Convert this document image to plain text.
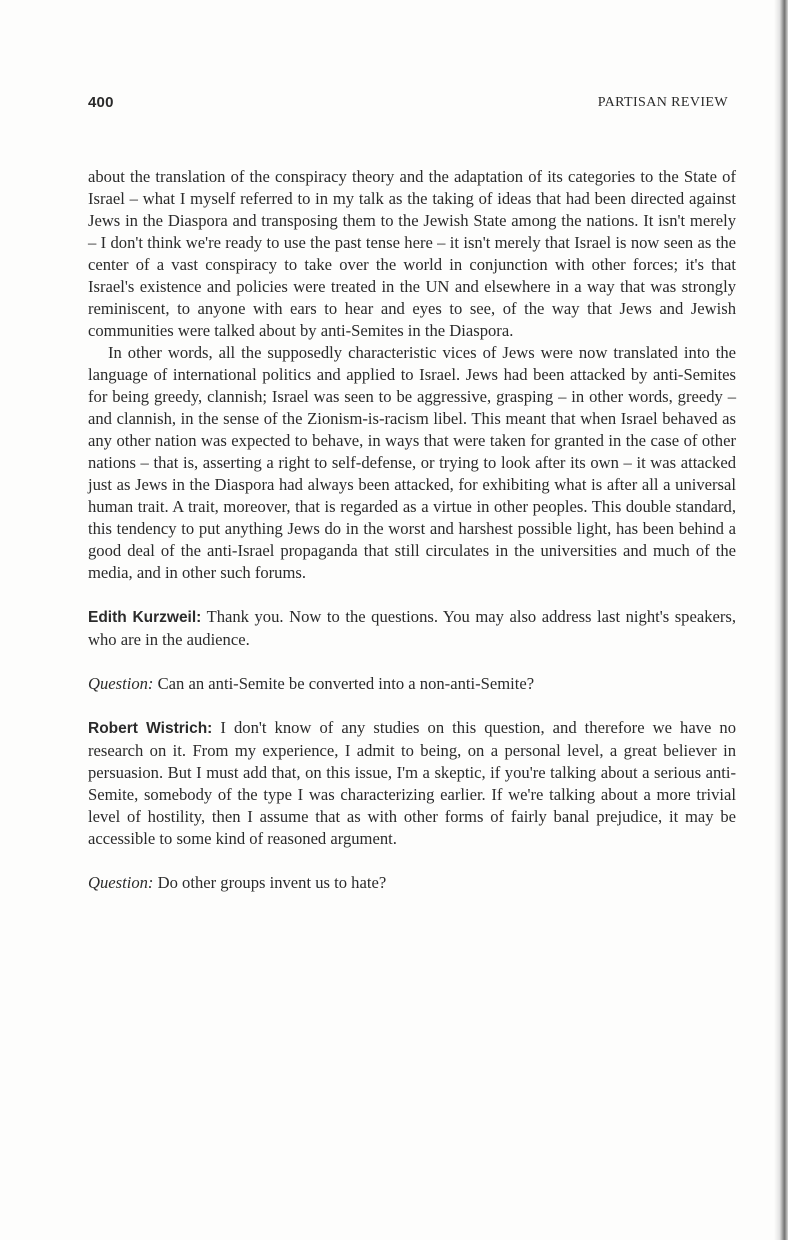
400	PARTISAN REVIEW

about the translation of the conspiracy theory and the adaptation of its categories to the State of Israel – what I myself referred to in my talk as the taking of ideas that had been directed against Jews in the Diaspora and transposing them to the Jewish State among the nations. It isn't merely – I don't think we're ready to use the past tense here – it isn't merely that Israel is now seen as the center of a vast conspiracy to take over the world in conjunction with other forces; it's that Israel's existence and policies were treated in the UN and elsewhere in a way that was strongly reminiscent, to anyone with ears to hear and eyes to see, of the way that Jews and Jewish communities were talked about by anti-Semites in the Diaspora.

In other words, all the supposedly characteristic vices of Jews were now translated into the language of international politics and applied to Israel. Jews had been attacked by anti-Semites for being greedy, clannish; Israel was seen to be aggressive, grasping – in other words, greedy – and clannish, in the sense of the Zionism-is-racism libel. This meant that when Israel behaved as any other nation was expected to behave, in ways that were taken for granted in the case of other nations – that is, asserting a right to self-defense, or trying to look after its own – it was attacked just as Jews in the Diaspora had always been attacked, for exhibiting what is after all a universal human trait. A trait, moreover, that is regarded as a virtue in other peoples. This double standard, this tendency to put anything Jews do in the worst and harshest possible light, has been behind a good deal of the anti-Israel propaganda that still circulates in the universities and much of the media, and in other such forums.

Edith Kurzweil: Thank you. Now to the questions. You may also address last night's speakers, who are in the audience.

Question: Can an anti-Semite be converted into a non-anti-Semite?

Robert Wistrich: I don't know of any studies on this question, and therefore we have no research on it. From my experience, I admit to being, on a personal level, a great believer in persuasion. But I must add that, on this issue, I'm a skeptic, if you're talking about a serious anti-Semite, somebody of the type I was characterizing earlier. If we're talking about a more trivial level of hostility, then I assume that as with other forms of fairly banal prejudice, it may be accessible to some kind of reasoned argument.

Question: Do other groups invent us to hate?
